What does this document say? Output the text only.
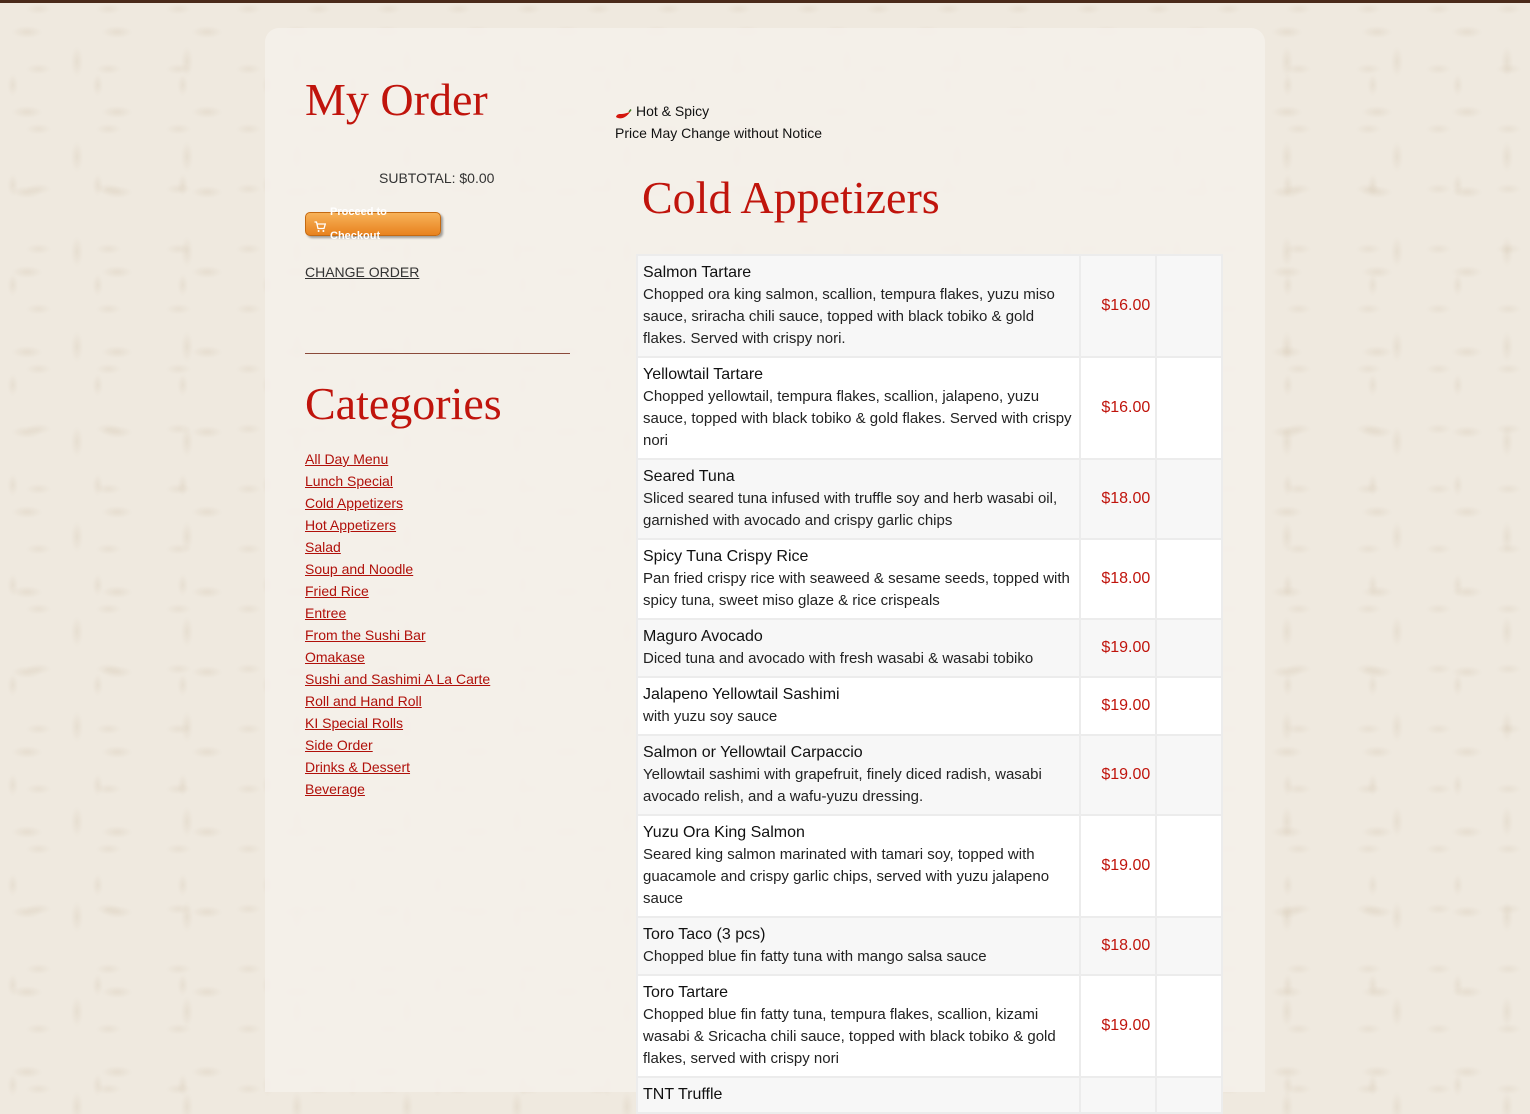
My Order
SUBTOTAL: $0.00
Proceed to Checkout
CHANGE ORDER
Categories
All Day Menu
Lunch Special
Cold Appetizers
Hot Appetizers
Salad
Soup and Noodle
Fried Rice
Entree
From the Sushi Bar
Omakase
Sushi and Sashimi A La Carte
Roll and Hand Roll
KI Special Rolls
Side Order
Drinks & Dessert
Beverage
Hot & Spicy
Price May Change without Notice
Cold Appetizers
Salmon Tartare
Chopped ora king salmon, scallion, tempura flakes, yuzu miso sauce, sriracha chili sauce, topped with black tobiko & gold flakes. Served with crispy nori.	$16.00	

Yellowtail Tartare
Chopped yellowtail, tempura flakes, scallion, jalapeno, yuzu sauce, topped with black tobiko & gold flakes. Served with crispy nori	$16.00	

Seared Tuna
Sliced seared tuna infused with truffle soy and herb wasabi oil, garnished with avocado and crispy garlic chips	$18.00	

Spicy Tuna Crispy Rice
Pan fried crispy rice with seaweed & sesame seeds, topped with spicy tuna, sweet miso glaze & rice crispeals	$18.00	

Maguro Avocado
Diced tuna and avocado with fresh wasabi & wasabi tobiko	$19.00	

Jalapeno Yellowtail Sashimi
with yuzu soy sauce	$19.00	

Salmon or Yellowtail Carpaccio
Yellowtail sashimi with grapefruit, finely diced radish, wasabi avocado relish, and a wafu-yuzu dressing.	$19.00	

Yuzu Ora King Salmon
Seared king salmon marinated with tamari soy, topped with guacamole and crispy garlic chips, served with yuzu jalapeno sauce	$19.00	

Toro Taco (3 pcs)
Chopped blue fin fatty tuna with mango salsa sauce	$18.00	

Toro Tartare
Chopped blue fin fatty tuna, tempura flakes, scallion, kizami wasabi & Sricacha chili sauce, topped with black tobiko & gold flakes, served with crispy nori	$19.00	

TNT Truffle		
